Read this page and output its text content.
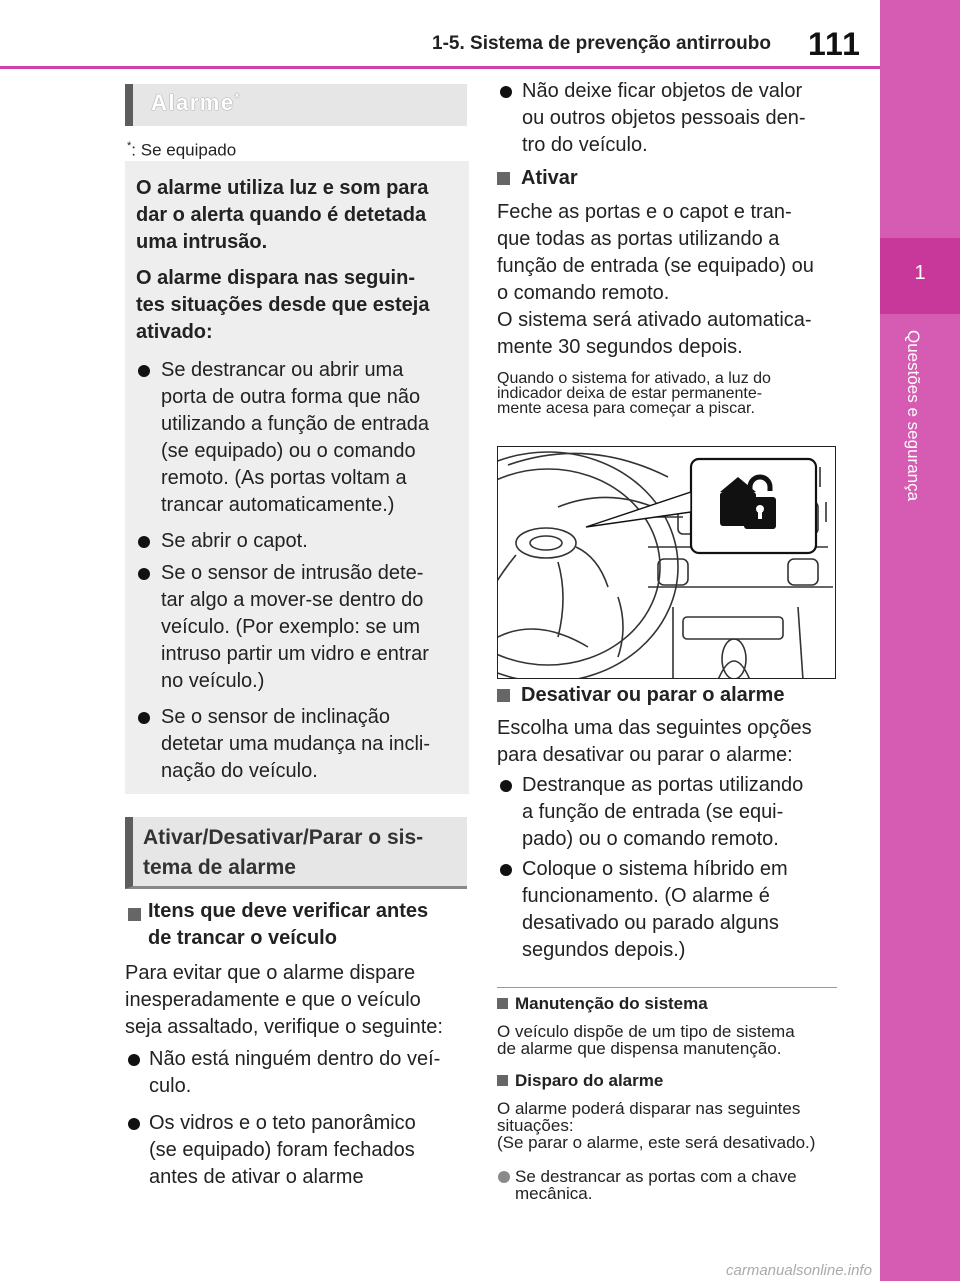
1-5. Sistema de prevenção antirroubo 111
1
Questões e segurança
Alarme*
*: Se equipado
O alarme utiliza luz e som para
dar o alerta quando é detetada
uma intrusão.
O alarme dispara nas seguin-
tes situações desde que esteja
ativado:
Se destrancar ou abrir uma
porta de outra forma que não
utilizando a função de entrada
(se equipado) ou o comando
remoto. (As portas voltam a
trancar automaticamente.)
Se abrir o capot.
Se o sensor de intrusão dete-
tar algo a mover-se dentro do
veículo. (Por exemplo: se um
intruso partir um vidro e entrar
no veículo.)
Se o sensor de inclinação
detetar uma mudança na incli-
nação do veículo.
Ativar/Desativar/Parar o sis-
tema de alarme
Itens que deve verificar antes
de trancar o veículo
Para evitar que o alarme dispare
inesperadamente e que o veículo
seja assaltado, verifique o seguinte:
Não está ninguém dentro do veí-
culo.
Os vidros e o teto panorâmico
(se equipado) foram fechados
antes de ativar o alarme
Não deixe ficar objetos de valor
ou outros objetos pessoais den-
tro do veículo.
Ativar
Feche as portas e o capot e tran-
que todas as portas utilizando a
função de entrada (se equipado) ou
o comando remoto.
O sistema será ativado automatica-
mente 30 segundos depois.
Quando o sistema for ativado, a luz do
indicador deixa de estar permanente-
mente acesa para começar a piscar.
Desativar ou parar o alarme
Escolha uma das seguintes opções
para desativar ou parar o alarme:
Destranque as portas utilizando
a função de entrada (se equi-
pado) ou o comando remoto.
Coloque o sistema híbrido em
funcionamento. (O alarme é
desativado ou parado alguns
segundos depois.)
Manutenção do sistema
O veículo dispõe de um tipo de sistema
de alarme que dispensa manutenção.
Disparo do alarme
O alarme poderá disparar nas seguintes
situações:
(Se parar o alarme, este será desativado.)
Se destrancar as portas com a chave
mecânica.
carmanualsonline.info
